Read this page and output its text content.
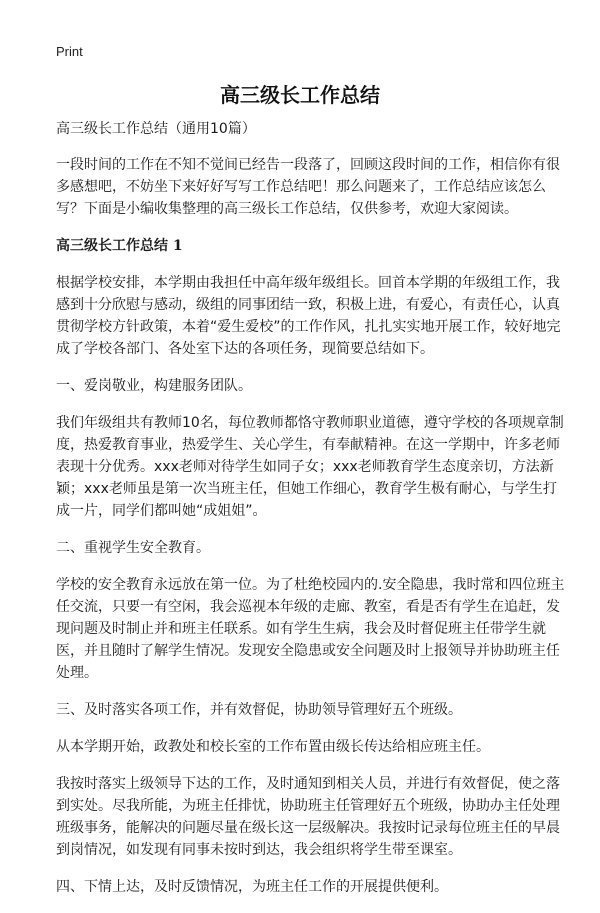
Print
高三级长工作总结

高三级长工作总结（通用10篇）

一段时间的工作在不知不觉间已经告一段落了，回顾这段时间的工作，相信你有很多感想吧，不妨坐下来好好写写工作总结吧！那么问题来了，工作总结应该怎么写？下面是小编收集整理的高三级长工作总结，仅供参考，欢迎大家阅读。

高三级长工作总结 1

根据学校安排，本学期由我担任中高年级年级组长。回首本学期的年级组工作，我感到十分欣慰与感动，级组的同事团结一致，积极上进，有爱心，有责任心，认真贯彻学校方针政策，本着“爱生爱校”的工作作风，扎扎实实地开展工作，较好地完成了学校各部门、各处室下达的各项任务，现简要总结如下。

一、爱岗敬业，构建服务团队。

我们年级组共有教师10名，每位教师都恪守教师职业道德，遵守学校的各项规章制度，热爱教育事业，热爱学生、关心学生，有奉献精神。在这一学期中，许多老师表现十分优秀。xxx老师对待学生如同子女；xxx老师教育学生态度亲切，方法新颖；xxx老师虽是第一次当班主任，但她工作细心，教育学生极有耐心，与学生打成一片，同学们都叫她“成姐姐”。

二、重视学生安全教育。

学校的安全教育永远放在第一位。为了杜绝校园内的.安全隐患，我时常和四位班主任交流，只要一有空闲，我会巡视本年级的走廊、教室，看是否有学生在追赶，发现问题及时制止并和班主任联系。如有学生生病，我会及时督促班主任带学生就医，并且随时了解学生情况。发现安全隐患或安全问题及时上报领导并协助班主任处理。

三、及时落实各项工作，并有效督促，协助领导管理好五个班级。

从本学期开始，政教处和校长室的工作布置由级长传达给相应班主任。

我按时落实上级领导下达的工作，及时通知到相关人员，并进行有效督促，使之落到实处。尽我所能，为班主任排忧，协助班主任管理好五个班级，协助办主任处理班级事务，能解决的问题尽量在级长这一层级解决。我按时记录每位班主任的早晨到岗情况，如发现有同事未按时到达，我会组织将学生带至课室。

四、下情上达，及时反馈情况，为班主任工作的开展提供便利。
